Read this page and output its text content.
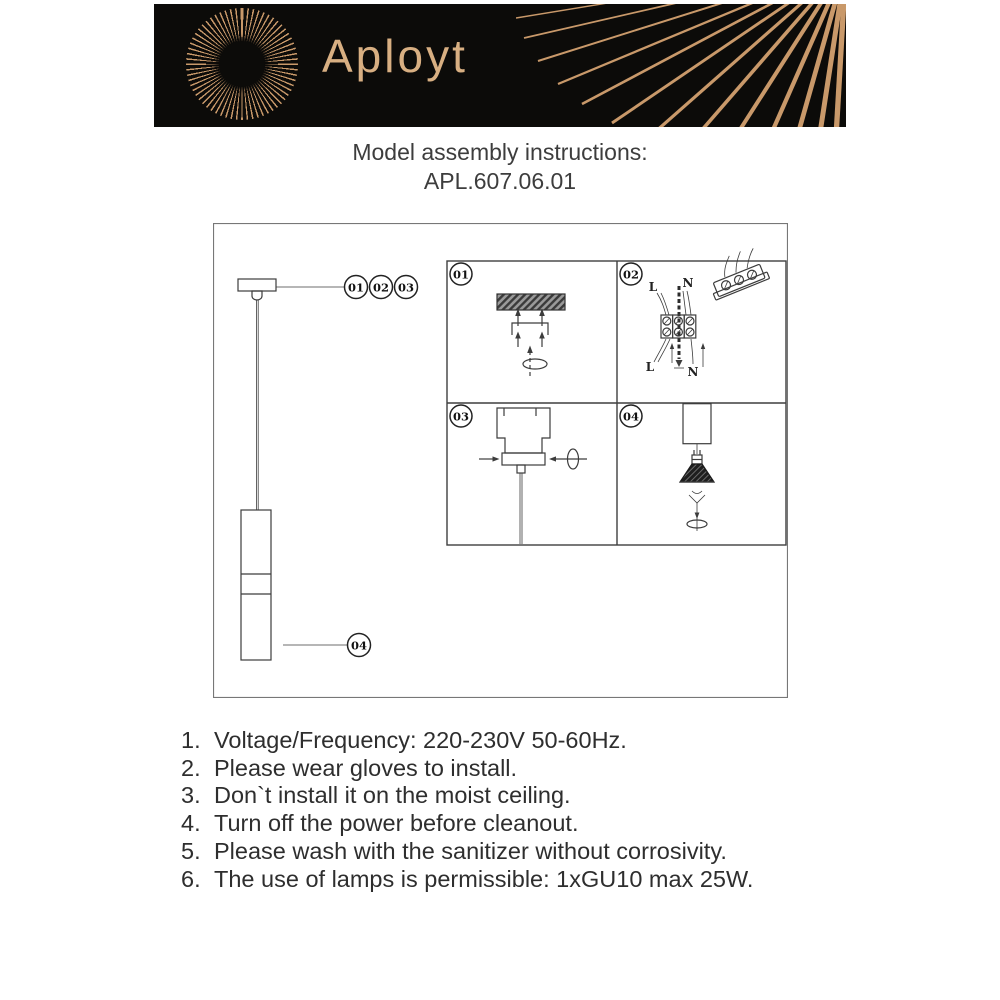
Aployt
Model assembly instructions:
APL.607.06.01
01 02 03
04
01	02
L N
L	N
03	04
1. Voltage/Frequency: 220-230V 50-60Hz.
2. Please wear gloves to install.
3. Don`t install it on the moist ceiling.
4. Turn off the power before cleanout.
5. Please wash with the sanitizer without corrosivity.
6. The use of lamps is permissible: 1xGU10 max 25W.
